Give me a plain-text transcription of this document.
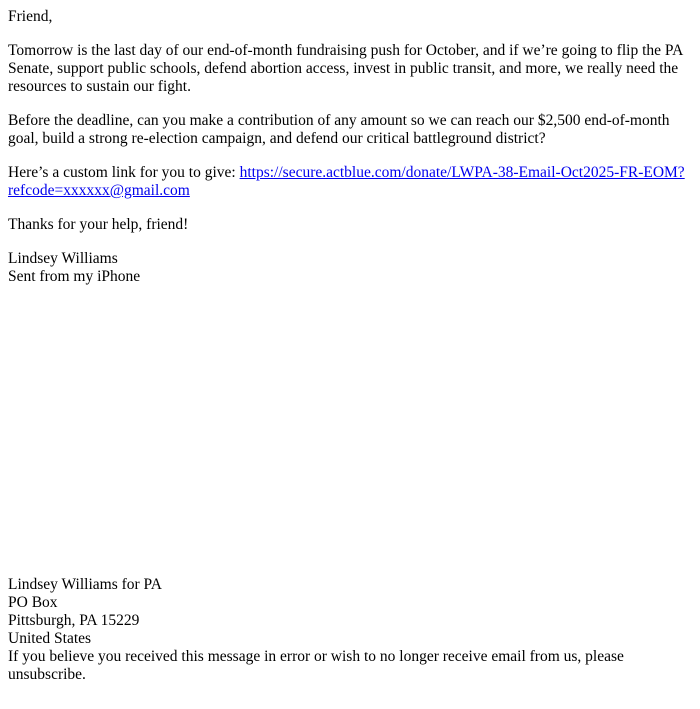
Friend,

Tomorrow is the last day of our end-of-month fundraising push for October, and if we’re going to flip the PA Senate, support public schools, defend abortion access, invest in public transit, and more, we really need the resources to sustain our fight.

Before the deadline, can you make a contribution of any amount so we can reach our $2,500 end-of-month goal, build a strong re-election campaign, and defend our critical battleground district?

Here’s a custom link for you to give: https://secure.actblue.com/donate/LWPA-38-Email-Oct2025-FR-EOM?refcode=xxxxxx@gmail.com

Thanks for your help, friend!

Lindsey Williams
Sent from my iPhone

Lindsey Williams for PA
PO Box
Pittsburgh, PA 15229
United States
If you believe you received this message in error or wish to no longer receive email from us, please unsubscribe.
